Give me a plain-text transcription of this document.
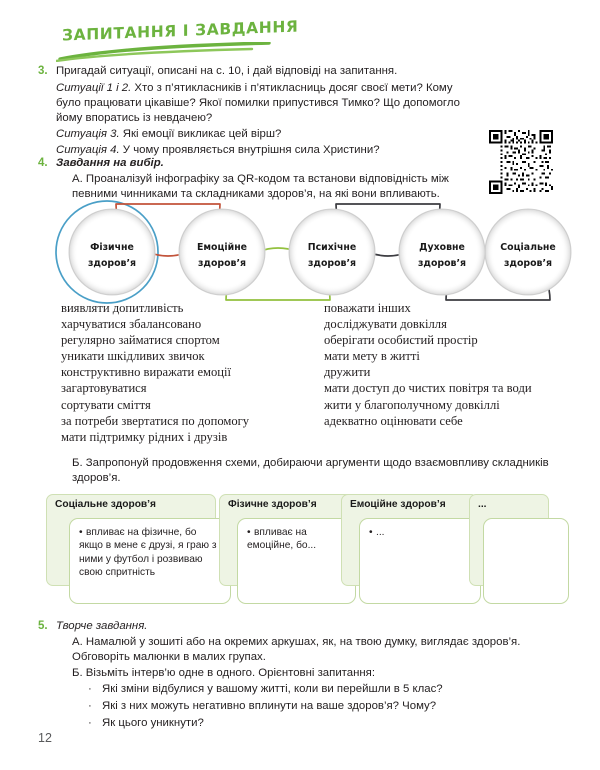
ЗАПИТАННЯ І ЗАВДАННЯ
3. Пригадай ситуації, описані на с. 10, і дай відповіді на запитання.
Ситуації 1 і 2. Хто з п’ятикласників і п’ятикласниць досяг своєї мети? Кому було працювати цікавіше? Якої помилки припустився Тимко? Що допомогло йому впоратись із невдачею?
Ситуація 3. Які емоції викликає цей вірш?
Ситуація 4. У чому проявляється внутрішня сила Христини?
4. Завдання на вибір.
А. Проаналізуй інфографіку за QR-кодом та встанови відповідність між певними чинниками та складниками здоров’я, на які вони впливають.
Фізичне
здоров’я
Емоційне
здоров’я
Психічне
здоров’я
Духовне
здоров’я
Соціальне
здоров’я
виявляти допитливість
харчуватися збалансовано
регулярно займатися спортом
уникати шкідливих звичок
конструктивно виражати емоції
загартовуватися
сортувати сміття
за потреби звертатися по допомогу
мати підтримку рідних і друзів
поважати інших
досліджувати довкілля
оберігати особистий простір
мати мету в житті
дружити
мати доступ до чистих повітря та води
жити у благополучному довкіллі
адекватно оцінювати себе
Б. Запропонуй продовження схеми, добираючи аргументи щодо взаємовпливу складників здоров’я.
Соціальне здоров’я
• впливає на фізичне, бо якщо в мене є друзі, я граю з ними у футбол і розвиваю свою спритність
Фізичне здоров’я
• впливає на емоційне, бо...
Емоційне здоров’я
• ...
...
5. Творче завдання.
А. Намалюй у зошиті або на окремих аркушах, як, на твою думку, виглядає здоров’я. Обговоріть малюнки в малих групах.
Б. Візьміть інтерв’ю одне в одного. Орієнтовні запитання:
· Які зміни відбулися у вашому житті, коли ви перейшли в 5 клас?
· Які з них можуть негативно вплинути на ваше здоров’я? Чому?
· Як цього уникнути?
12
